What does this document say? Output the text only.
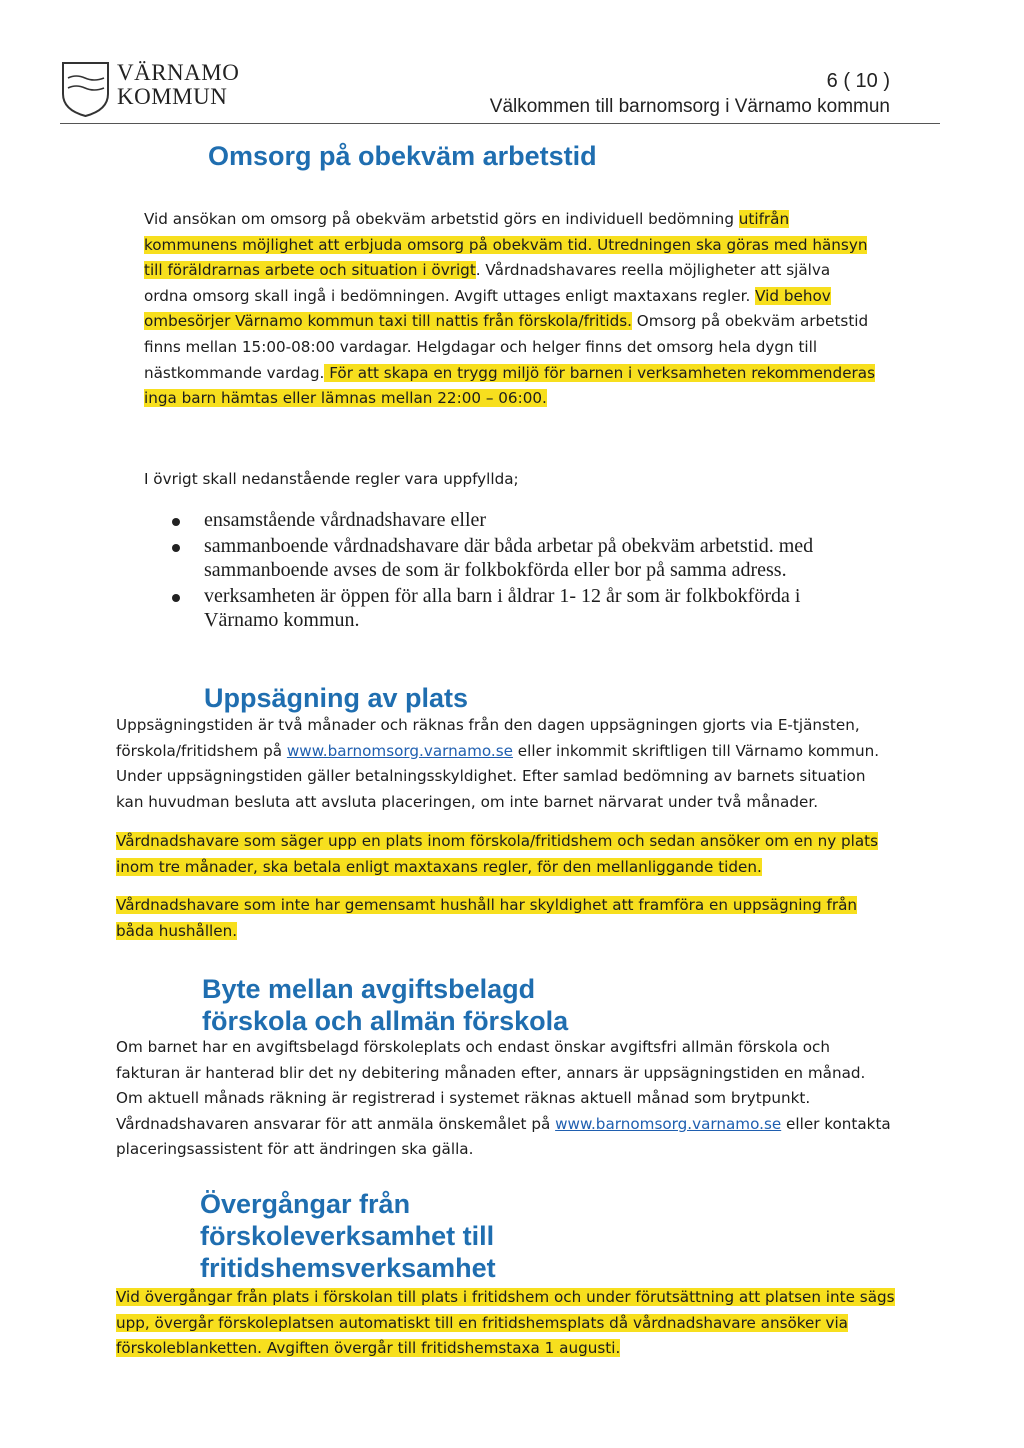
VÄRNAMO
KOMMUN
6 ( 10 )
Välkommen till barnomsorg i Värnamo kommun
Omsorg på obekväm arbetstid
Vid ansökan om omsorg på obekväm arbetstid görs en individuell bedömning utifrån kommunens möjlighet att erbjuda omsorg på obekväm tid. Utredningen ska göras med hänsyn till föräldrarnas arbete och situation i övrigt. Vårdnadshavares reella möjligheter att själva ordna omsorg skall ingå i bedömningen. Avgift uttages enligt maxtaxans regler. Vid behov ombesörjer Värnamo kommun taxi till nattis från förskola/fritids. Omsorg på obekväm arbetstid finns mellan 15:00-08:00 vardagar. Helgdagar och helger finns det omsorg hela dygn till nästkommande vardag. För att skapa en trygg miljö för barnen i verksamheten rekommenderas inga barn hämtas eller lämnas mellan 22:00 – 06:00.
I övrigt skall nedanstående regler vara uppfyllda;
ensamstående vårdnadshavare eller
sammanboende vårdnadshavare där båda arbetar på obekväm arbetstid. med sammanboende avses de som är folkbokförda eller bor på samma adress.
verksamheten är öppen för alla barn i åldrar 1- 12 år som är folkbokförda i Värnamo kommun.
Uppsägning av plats
Uppsägningstiden är två månader och räknas från den dagen uppsägningen gjorts via E-tjänsten, förskola/fritidshem på www.barnomsorg.varnamo.se eller inkommit skriftligen till Värnamo kommun. Under uppsägningstiden gäller betalningsskyldighet. Efter samlad bedömning av barnets situation kan huvudman besluta att avsluta placeringen, om inte barnet närvarat under två månader.
Vårdnadshavare som säger upp en plats inom förskola/fritidshem och sedan ansöker om en ny plats inom tre månader, ska betala enligt maxtaxans regler, för den mellanliggande tiden.
Vårdnadshavare som inte har gemensamt hushåll har skyldighet att framföra en uppsägning från båda hushållen.
Byte mellan avgiftsbelagd
förskola och allmän förskola
Om barnet har en avgiftsbelagd förskoleplats och endast önskar avgiftsfri allmän förskola och fakturan är hanterad blir det ny debitering månaden efter, annars är uppsägningstiden en månad. Om aktuell månads räkning är registrerad i systemet räknas aktuell månad som brytpunkt. Vårdnadshavaren ansvarar för att anmäla önskemålet på www.barnomsorg.varnamo.se eller kontakta placeringsassistent för att ändringen ska gälla.
Övergångar från
förskoleverksamhet till
fritidshemsverksamhet
Vid övergångar från plats i förskolan till plats i fritidshem och under förutsättning att platsen inte sägs upp, övergår förskoleplatsen automatiskt till en fritidshemsplats då vårdnadshavare ansöker via förskoleblanketten. Avgiften övergår till fritidshemstaxa 1 augusti.
